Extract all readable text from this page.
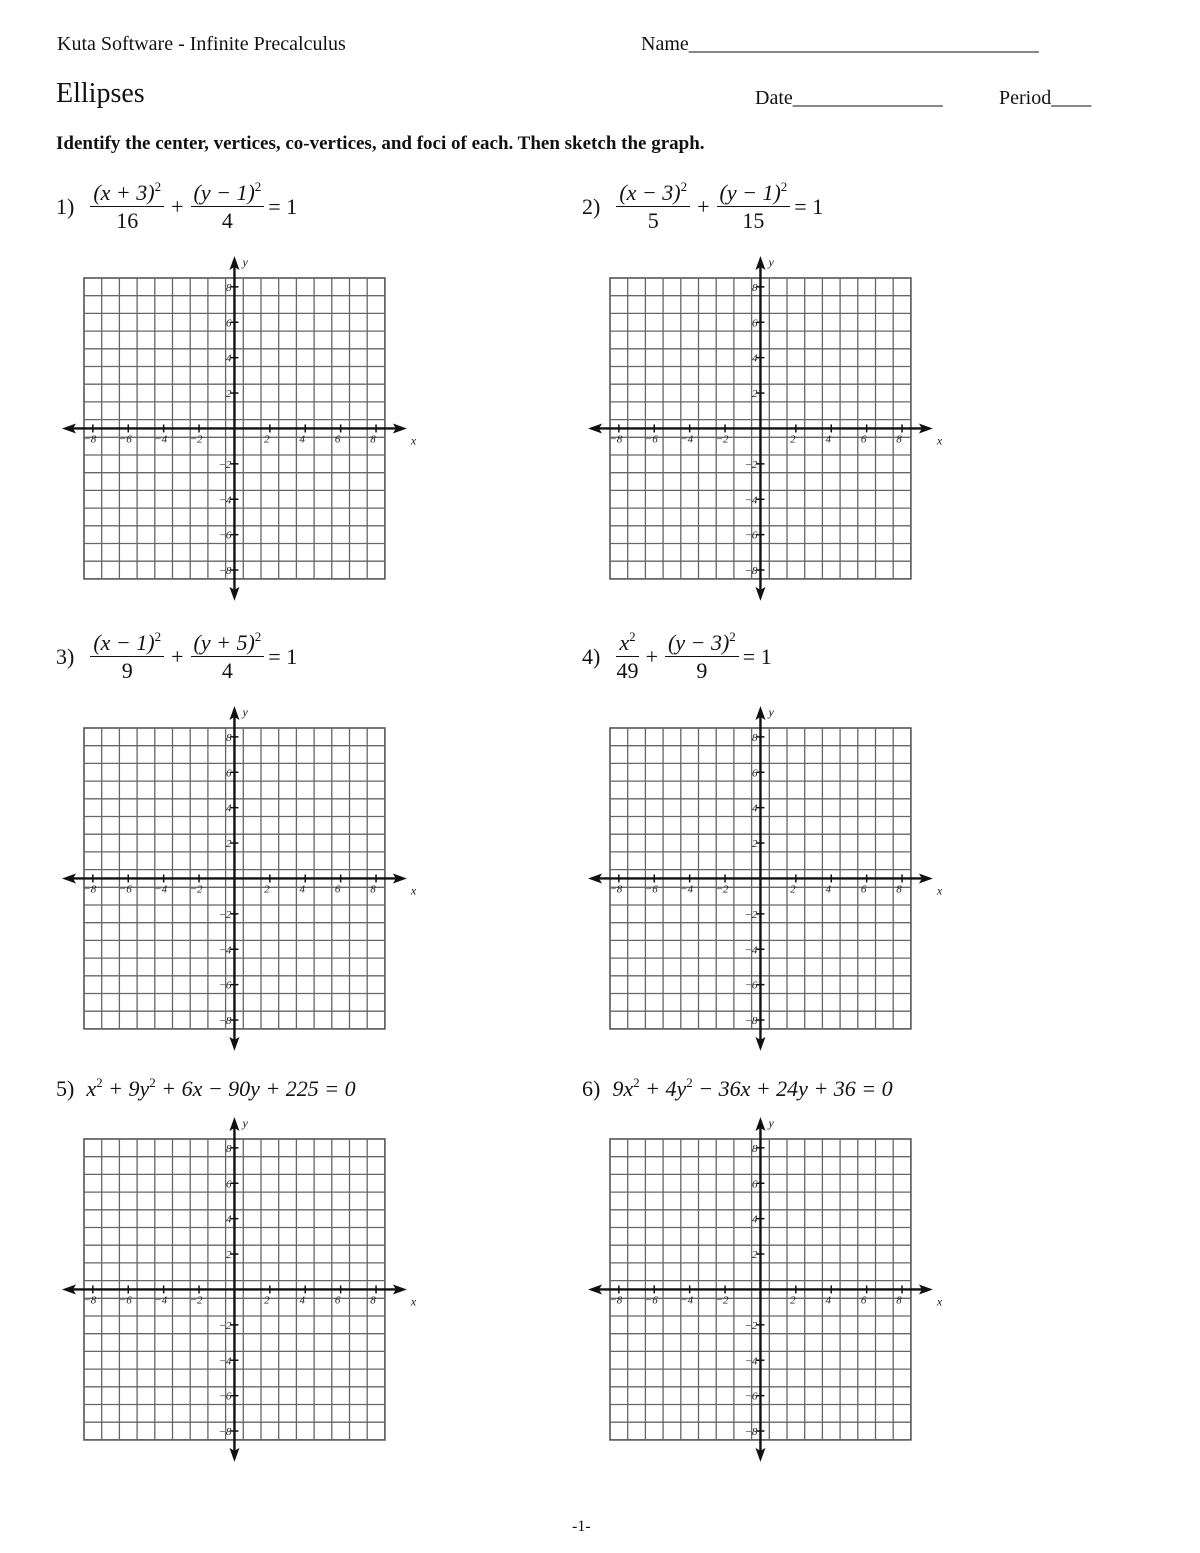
Kuta Software - Infinite Precalculus	Name___________________________________
Ellipses	Date_______________	Period____
Identify the center, vertices, co-vertices, and foci of each. Then sketch the graph.
$1) \frac{(x + 3)^2}{16} + \frac{(y - 1)^2}{4} = 1$	$2) \frac{(x - 3)^2}{5} + \frac{(y - 1)^2}{15} = 1$
$3) \frac{(x - 1)^2}{9} + \frac{(y + 5)^2}{4} = 1$	$4) \frac{x^2}{49} + \frac{(y - 3)^2}{9} = 1$
5) $x^2 + 9y^2 + 6x - 90y + 225 = 0$	6) $9x^2 + 4y^2 - 36x + 24y + 36 = 0$
−8 −6 −4 −2	2	4	6	8
8
6
4
2
−2
−4
−6
−8
x
y
−8 −6 −4 −2	2	4	6	8
8
6
4
2
−2
−4
−6
−8
x
y
−8 −6 −4 −2	2	4	6	8
8
6
4
2
−2
−4
−6
−8
x
y
−8 −6 −4 −2	2	4	6	8
8
6
4
2
−2
−4
−6
−8
x
y
−8 −6 −4 −2	2	4	6	8
8
6
4
2
−2
−4
−6
−8
x
y
−8 −6 −4 −2	2	4	6	8
8
6
4
2
−2
−4
−6
−8
x
y
-1-
